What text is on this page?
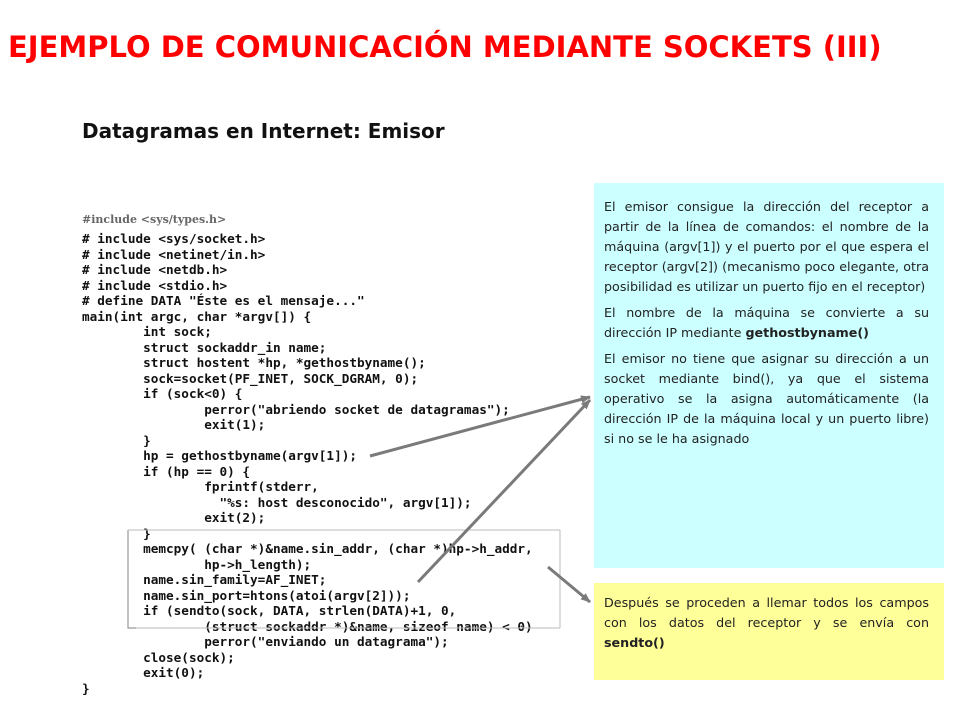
EJEMPLO DE COMUNICACIÓN MEDIANTE SOCKETS (III)
Datagramas en Internet: Emisor
#include <sys/types.h>
# include <sys/socket.h>
# include <netinet/in.h>
# include <netdb.h>
# include <stdio.h>
# define DATA "Éste es el mensaje..."
main(int argc, char *argv[]) {
int sock;
struct sockaddr_in name;
struct hostent *hp, *gethostbyname();
sock=socket(PF_INET, SOCK_DGRAM, 0);
if (sock<0) {
perror("abriendo socket de datagramas");
exit(1);
}
hp = gethostbyname(argv[1]);
if (hp == 0) {
fprintf(stderr,
"%s: host desconocido", argv[1]);
exit(2);
}
memcpy( (char *)&name.sin_addr, (char *)hp->h_addr,
hp->h_length);
name.sin_family=AF_INET;
name.sin_port=htons(atoi(argv[2]));
if (sendto(sock, DATA, strlen(DATA)+1, 0,
(struct sockaddr *)&name, sizeof name) < 0)
perror("enviando un datagrama");
close(sock);
exit(0);
}

El emisor consigue la dirección del receptor a partir de la línea de comandos: el nombre de la máquina (argv[1]) y el puerto por el que espera el receptor (argv[2]) (mecanismo poco elegante, otra posibilidad es utilizar un puerto fijo en el receptor)

El nombre de la máquina se convierte a su dirección IP mediante gethostbyname()

El emisor no tiene que asignar su dirección a un socket mediante bind(), ya que el sistema operativo se la asigna automáticamente (la dirección IP de la máquina local y un puerto libre) si no se le ha asignado

Después se proceden a llemar todos los campos con los datos del receptor y se envía con sendto()
